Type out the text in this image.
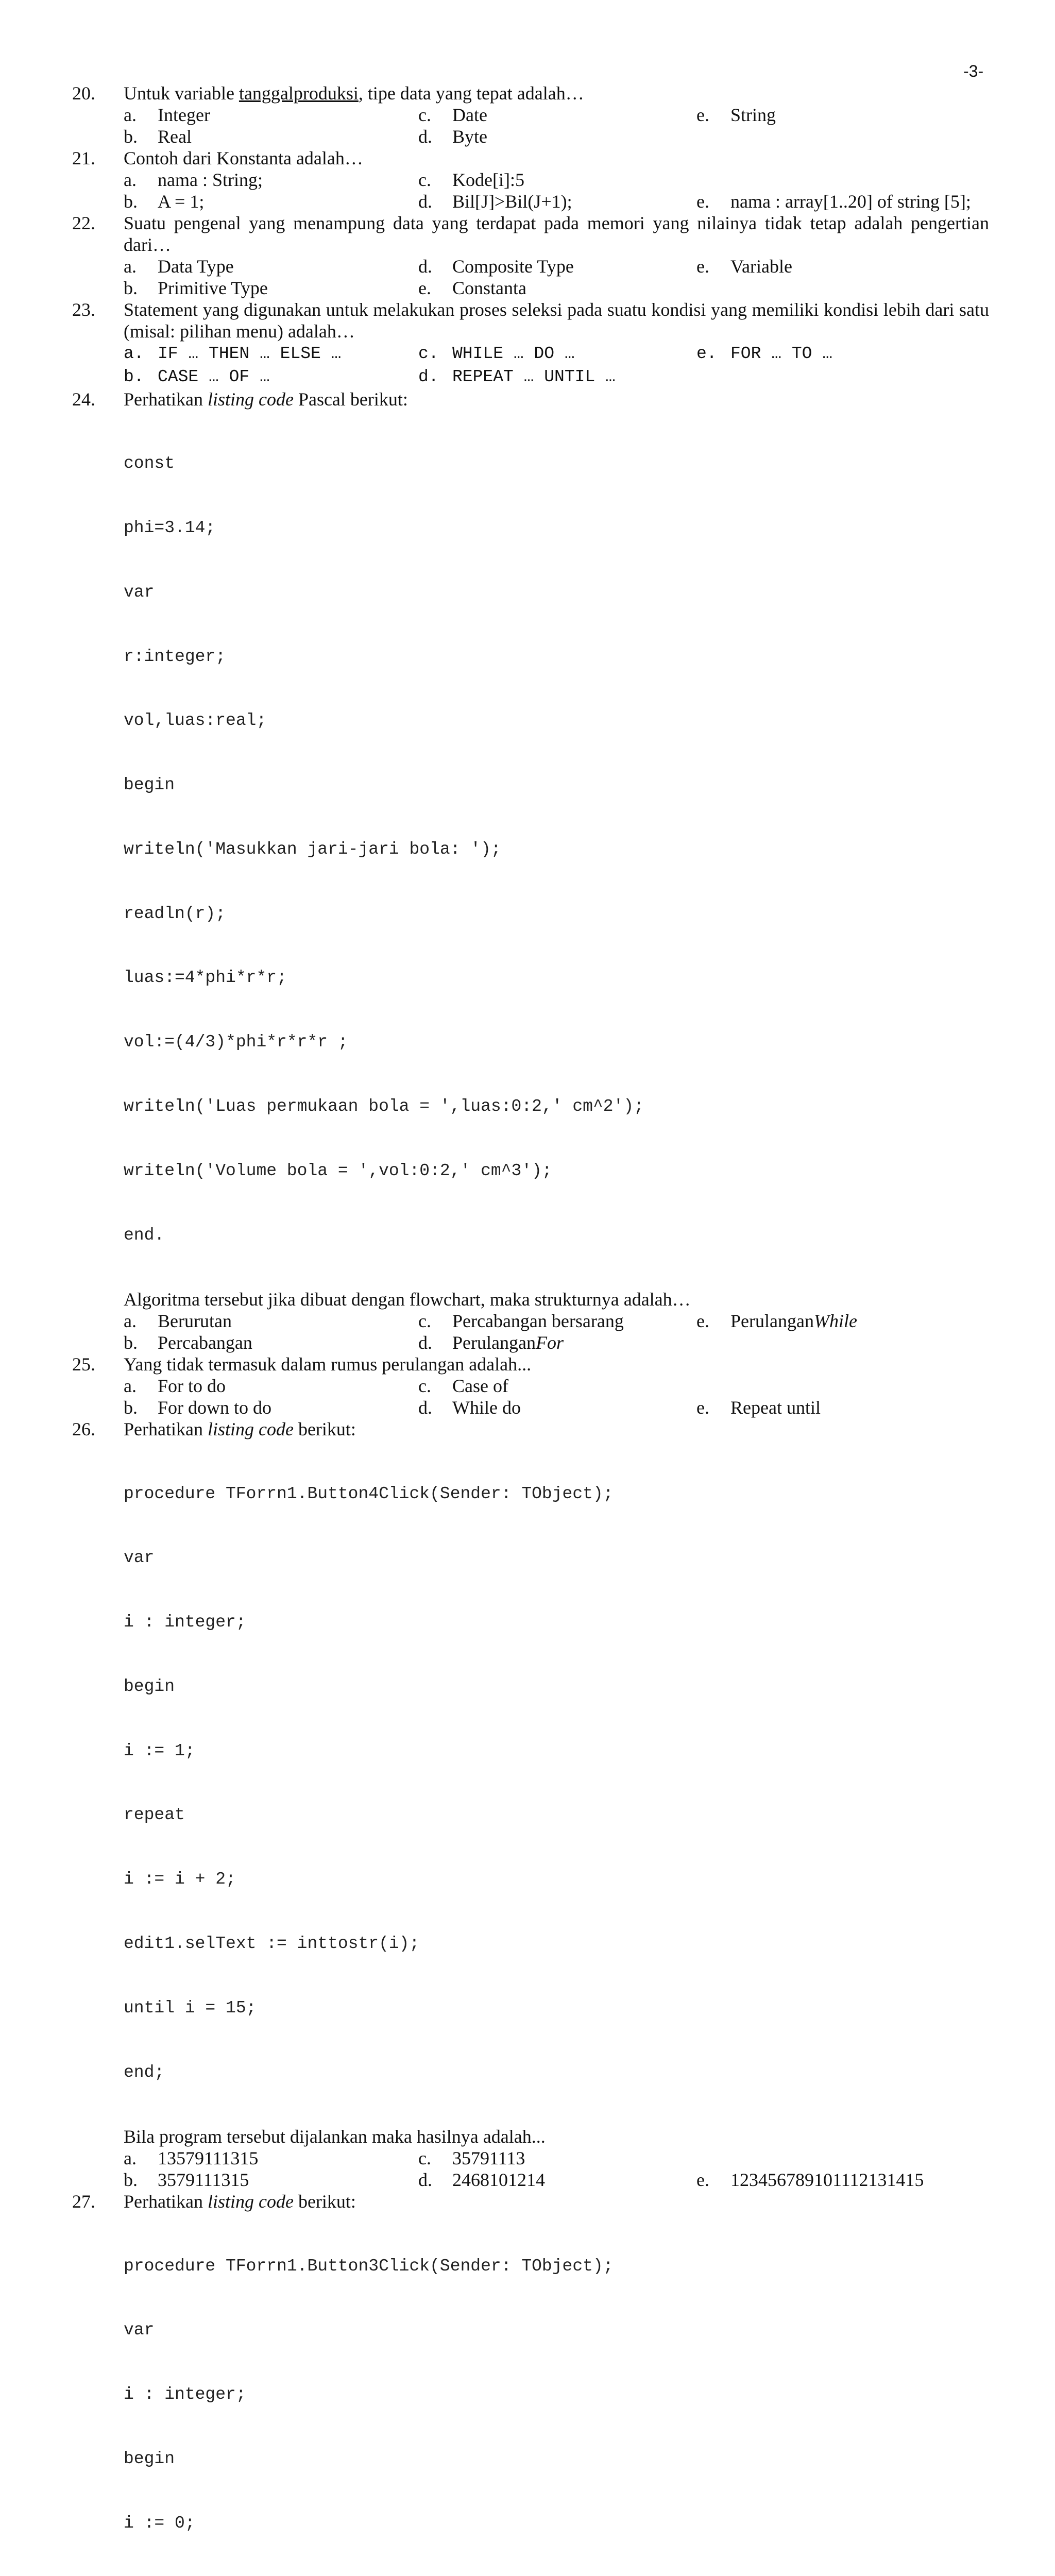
-3-
20.	Untuk variable tanggalproduksi, tipe data yang tepat adalah…
a.	Integer	c.	Date	e.	String
b.	Real	d.	Byte
21.	Contoh dari Konstanta adalah…
a.	nama : String;	c.	Kode[i]:5
b.	A = 1;	d.	Bil[J]>Bil(J+1);	e.	nama : array[1..20] of string [5];
22.	Suatu pengenal yang menampung data yang terdapat pada memori yang nilainya tidak tetap adalah pengertian dari…
a.	Data Type	d.	Composite Type	e.	Variable
b.	Primitive Type	e.	Constanta
23.	Statement yang digunakan untuk melakukan proses seleksi pada suatu kondisi yang memiliki kondisi lebih dari satu (misal: pilihan menu) adalah…
a. IF … THEN … ELSE …	c. WHILE … DO …	e. FOR … TO …
b. CASE … OF …	d. REPEAT … UNTIL …
24.	Perhatikan listing code Pascal berikut:

const

phi=3.14;

var

r:integer;

vol,luas:real;

begin

writeln('Masukkan jari-jari bola: ');

readln(r);

luas:=4*phi*r*r;

vol:=(4/3)*phi*r*r*r ;

writeln('Luas permukaan bola = ',luas:0:2,' cm^2');

writeln('Volume bola = ',vol:0:2,' cm^3');

end.

Algoritma tersebut jika dibuat dengan flowchart, maka strukturnya adalah…
a.	Berurutan	c.	Percabangan bersarang	e.	Perulangan While
b.	Percabangan	d.	Perulangan For
25.	Yang tidak termasuk dalam rumus perulangan adalah...
a.	For to do	c.	Case of
b.	For down to do	d.	While do	e.	Repeat until
26.	Perhatikan listing code berikut:

procedure TForrn1.Button4Click(Sender: TObject);

var

i : integer;

begin

i := 1;

repeat

i := i + 2;

edit1.selText := inttostr(i);

until i = 15;

end;

Bila program tersebut dijalankan maka hasilnya adalah...
a.	13579111315	c.	35791113
b.	3579111315	d.	2468101214	e.	123456789101112131415
27.	Perhatikan listing code berikut:

procedure TForrn1.Button3Click(Sender: TObject);

var

i : integer;

begin

i := 0;
